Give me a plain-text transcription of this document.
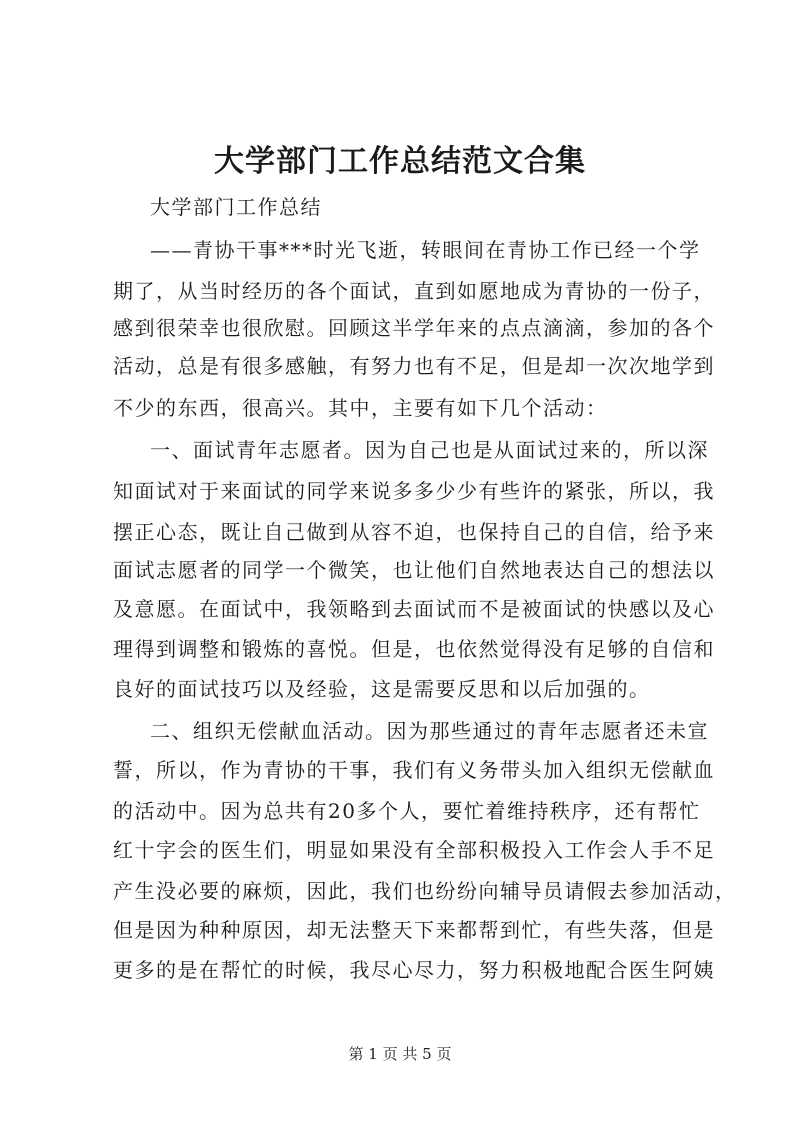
大学部门工作总结范文合集
大学部门工作总结
——青协干事***时光飞逝，转眼间在青协工作已经一个学
期了，从当时经历的各个面试，直到如愿地成为青协的一份子，
感到很荣幸也很欣慰。回顾这半学年来的点点滴滴，参加的各个
活动，总是有很多感触，有努力也有不足，但是却一次次地学到
不少的东西，很高兴。其中，主要有如下几个活动：
一、面试青年志愿者。因为自己也是从面试过来的，所以深
知面试对于来面试的同学来说多多少少有些许的紧张，所以，我
摆正心态，既让自己做到从容不迫，也保持自己的自信，给予来
面试志愿者的同学一个微笑，也让他们自然地表达自己的想法以
及意愿。在面试中，我领略到去面试而不是被面试的快感以及心
理得到调整和锻炼的喜悦。但是，也依然觉得没有足够的自信和
良好的面试技巧以及经验，这是需要反思和以后加强的。
二、组织无偿献血活动。因为那些通过的青年志愿者还未宣
誓，所以，作为青协的干事，我们有义务带头加入组织无偿献血
的活动中。因为总共有20多个人，要忙着维持秩序，还有帮忙
红十字会的医生们，明显如果没有全部积极投入工作会人手不足
产生没必要的麻烦，因此，我们也纷纷向辅导员请假去参加活动，
但是因为种种原因，却无法整天下来都帮到忙，有些失落，但是
更多的是在帮忙的时候，我尽心尽力，努力积极地配合医生阿姨
第 1 页 共 5 页
